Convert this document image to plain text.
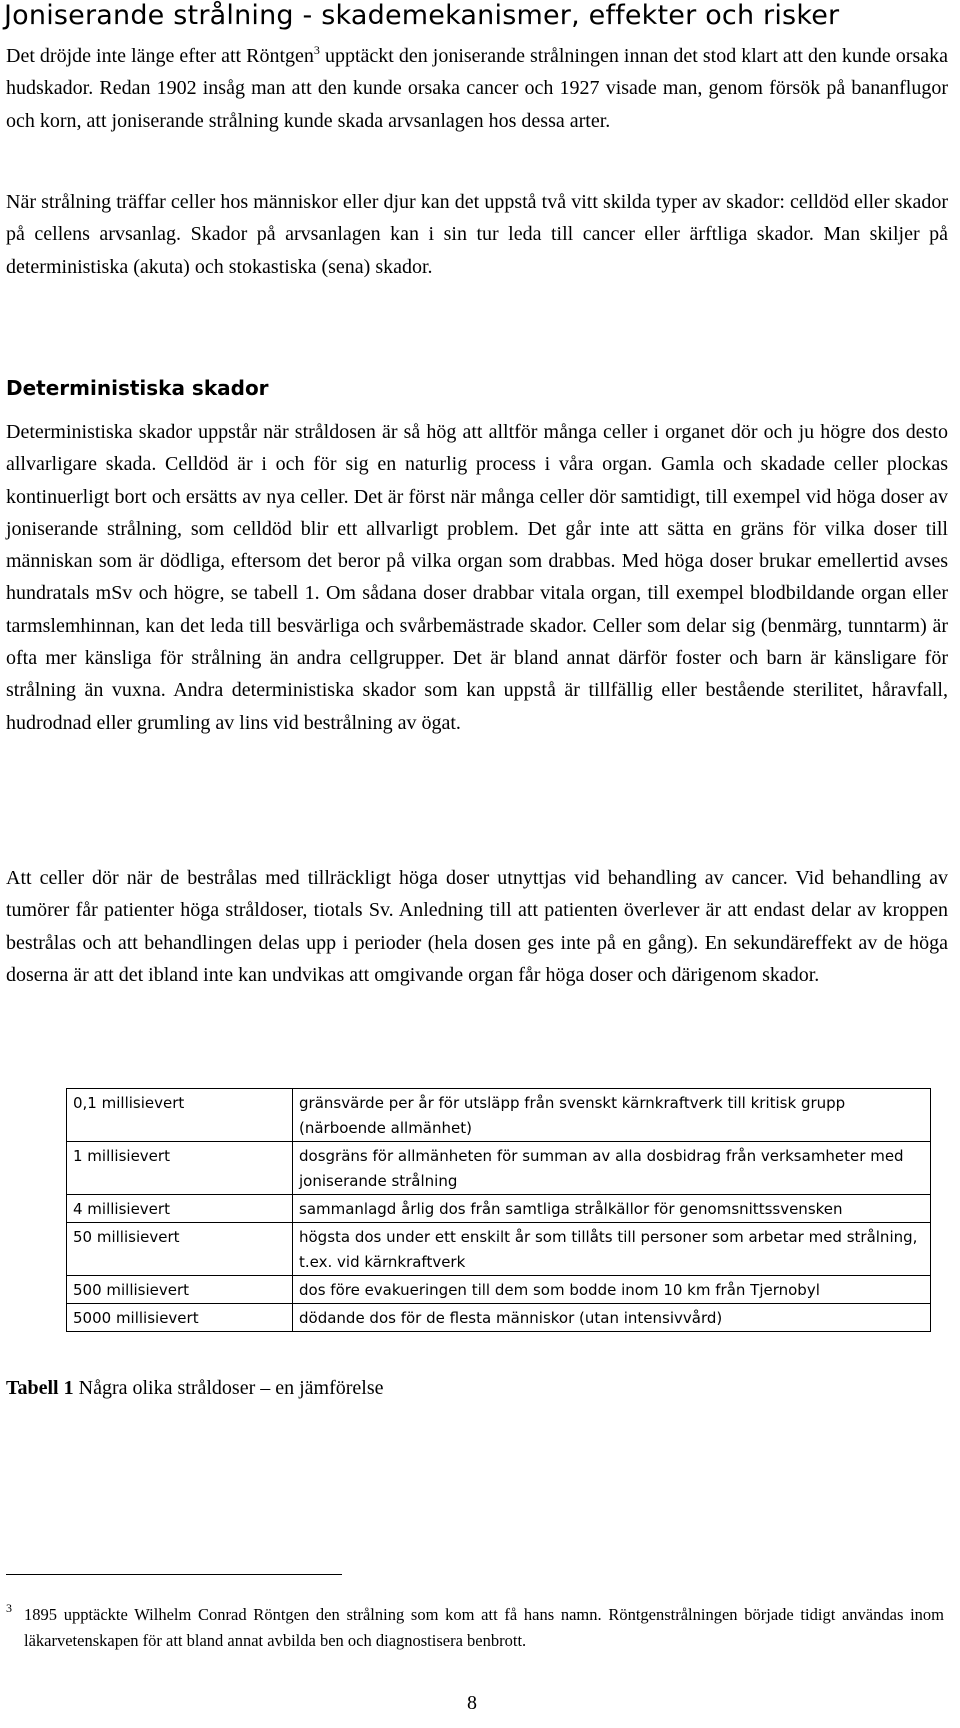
Joniserande strålning - skademekanismer, effekter och risker

Det dröjde inte länge efter att Röntgen$^3$ upptäckt den joniserande strålningen innan det stod klart att den kunde orsaka hudskador. Redan 1902 insåg man att den kunde orsaka cancer och 1927 visade man, genom försök på bananflugor och korn, att joniserande strålning kunde skada arvsanlagen hos dessa arter.

När strålning träffar celler hos människor eller djur kan det uppstå två vitt skilda typer av skador: celldöd eller skador på cellens arvsanlag. Skador på arvsanlagen kan i sin tur leda till cancer eller ärftliga skador. Man skiljer på deterministiska (akuta) och stokastiska (sena) skador.

Deterministiska skador

Deterministiska skador uppstår när stråldosen är så hög att alltför många celler i organet dör och ju högre dos desto allvarligare skada. Celldöd är i och för sig en naturlig process i våra organ. Gamla och skadade celler plockas kontinuerligt bort och ersätts av nya celler. Det är först när många celler dör samtidigt, till exempel vid höga doser av joniserande strålning, som celldöd blir ett allvarligt problem. Det går inte att sätta en gräns för vilka doser till människan som är dödliga, eftersom det beror på vilka organ som drabbas. Med höga doser brukar emellertid avses hundratals mSv och högre, se tabell 1. Om sådana doser drabbar vitala organ, till exempel blodbildande organ eller tarmslemhinnan, kan det leda till besvärliga och svårbemästrade skador. Celler som delar sig (benmärg, tunntarm) är ofta mer känsliga för strålning än andra cellgrupper. Det är bland annat därför foster och barn är känsligare för strålning än vuxna. Andra deterministiska skador som kan uppstå är tillfällig eller bestående sterilitet, håravfall, hudrodnad eller grumling av lins vid bestrålning av ögat.

Att celler dör när de bestrålas med tillräckligt höga doser utnyttjas vid behandling av cancer. Vid behandling av tumörer får patienter höga stråldoser, tiotals Sv. Anledning till att patienten överlever är att endast delar av kroppen bestrålas och att behandlingen delas upp i perioder (hela dosen ges inte på en gång). En sekundäreffekt av de höga doserna är att det ibland inte kan undvikas att omgivande organ får höga doser och därigenom skador.

0,1 millisievert	gränsvärde per år för utsläpp från svenskt kärnkraftverk till kritisk grupp (närboende allmänhet)
1 millisievert	dosgräns för allmänheten för summan av alla dosbidrag från verksamheter med joniserande strålning
4 millisievert	sammanlagd årlig dos från samtliga strålkällor för genomsnittssvensken
50 millisievert	högsta dos under ett enskilt år som tillåts till personer som arbetar med strålning, t.ex. vid kärnkraftverk
500 millisievert	dos före evakueringen till dem som bodde inom 10 km från Tjernobyl
5000 millisievert	dödande dos för de flesta människor (utan intensivvård)
Tabell 1 Några olika stråldoser – en jämförelse
3 1895 upptäckte Wilhelm Conrad Röntgen den strålning som kom att få hans namn. Röntgenstrålningen började tidigt användas inom läkarvetenskapen för att bland annat avbilda ben och diagnostisera benbrott.

8
